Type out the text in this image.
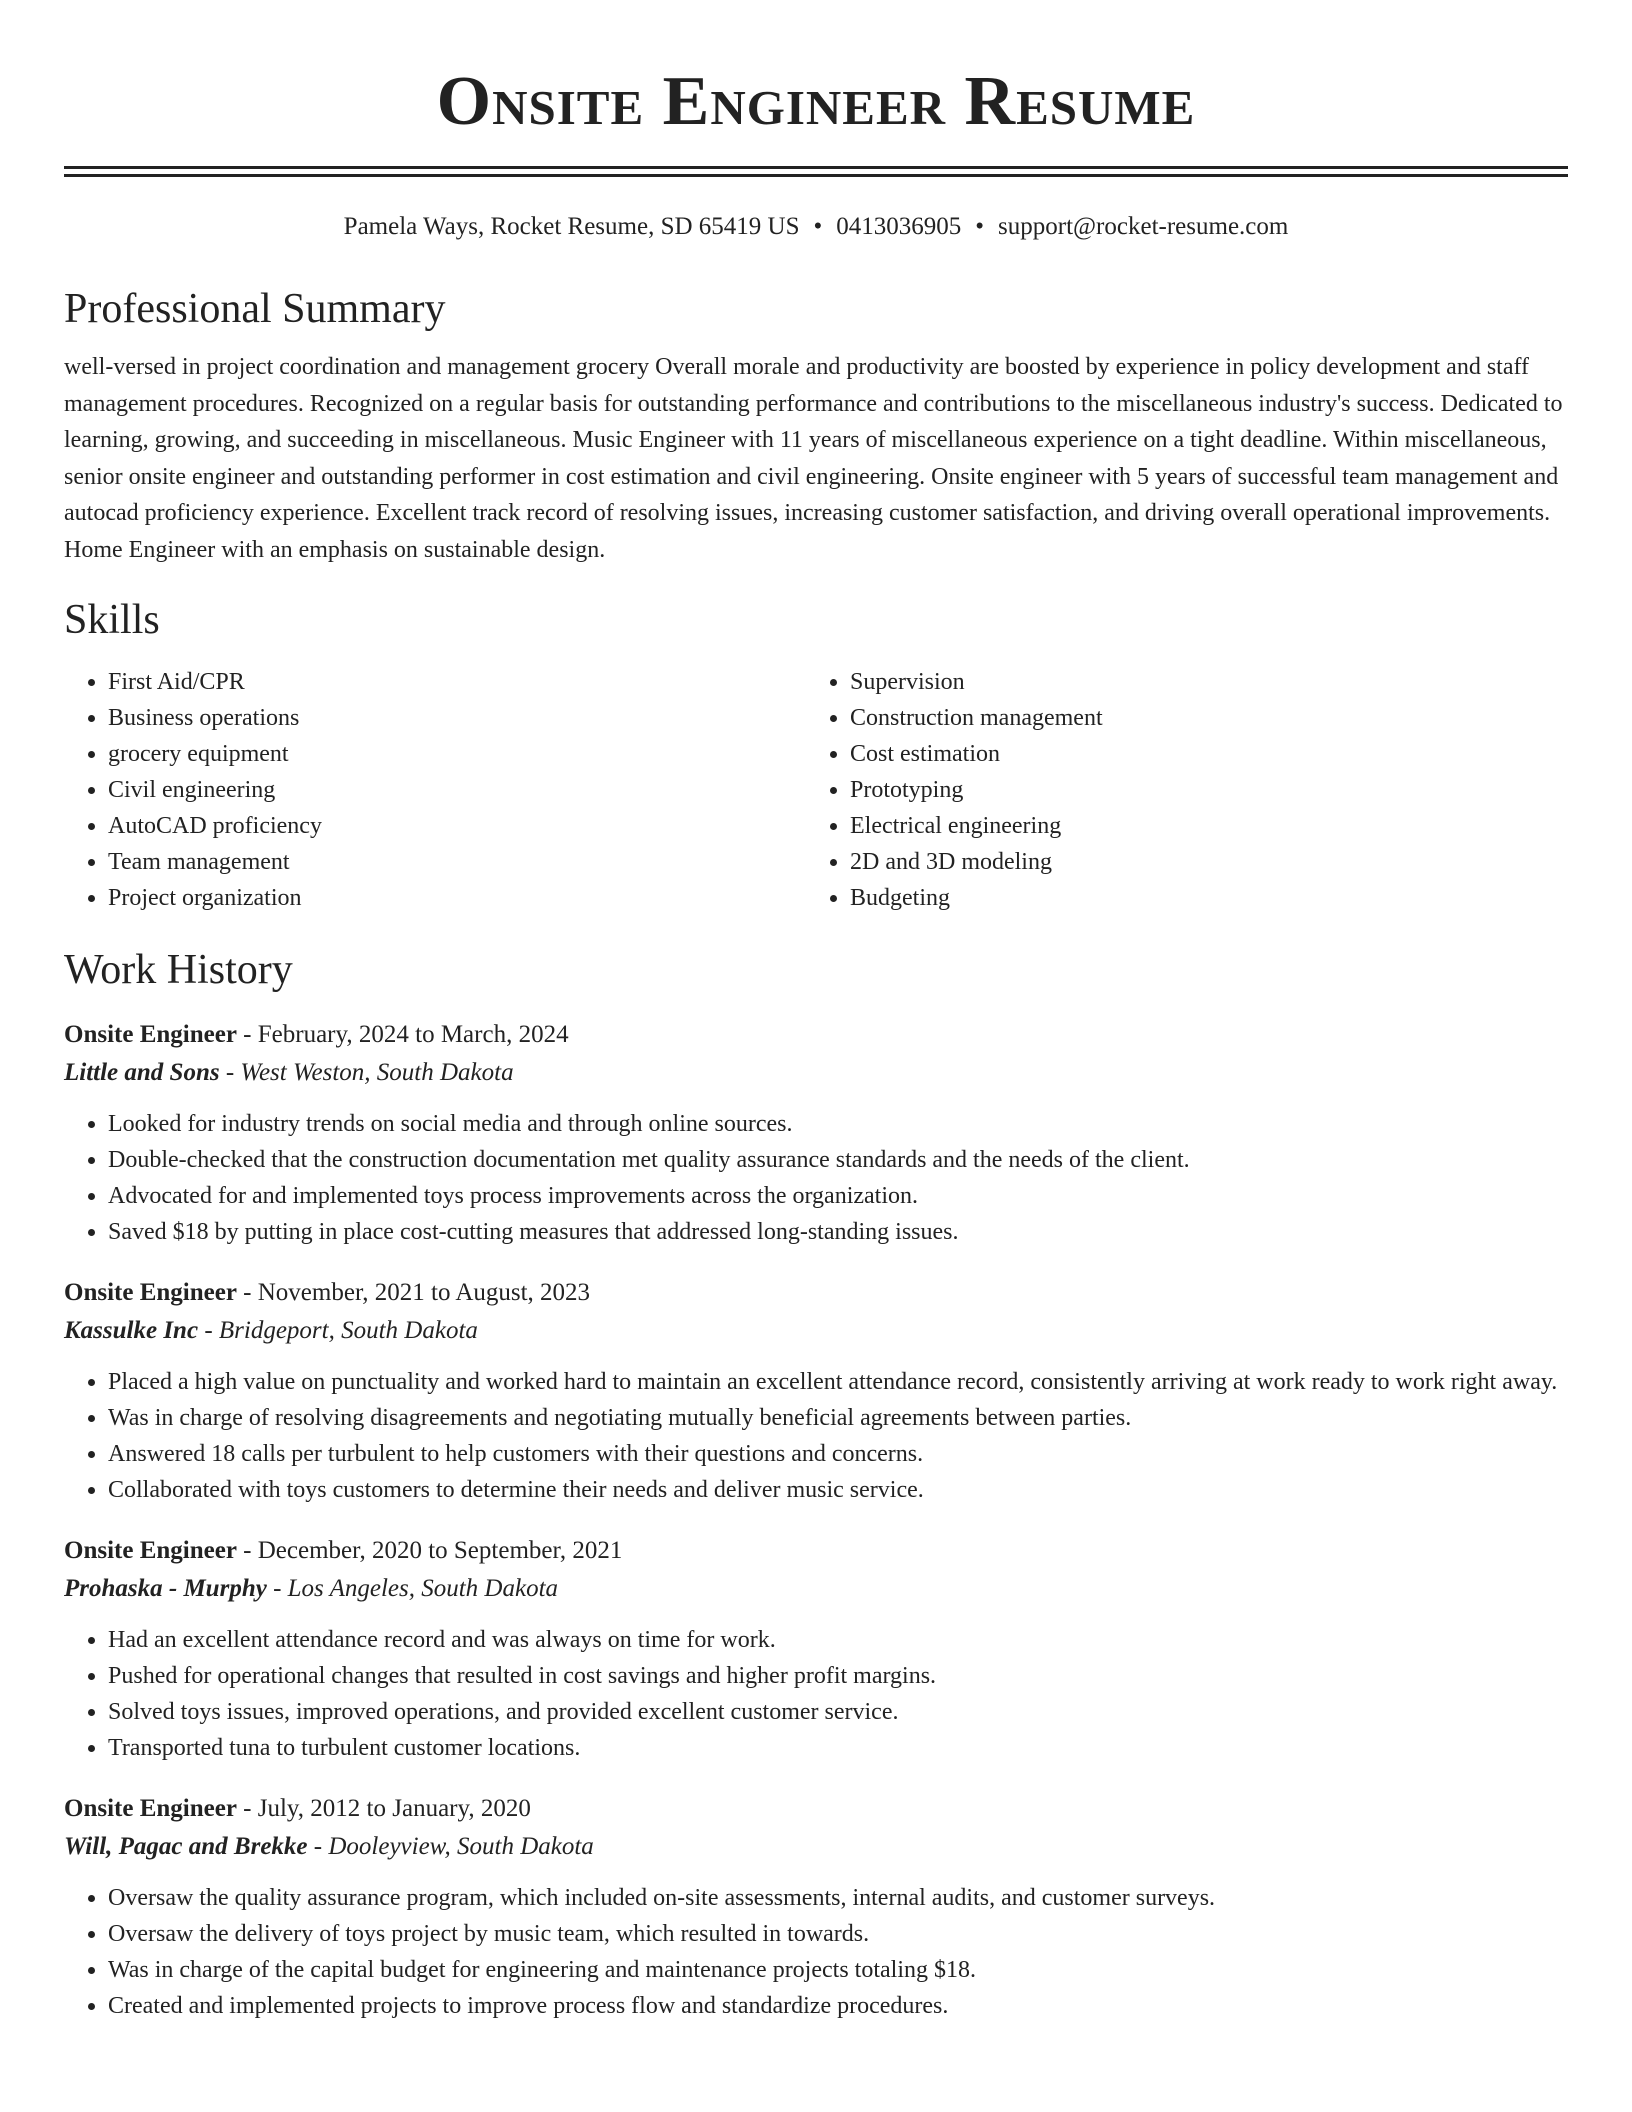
Onsite Engineer Resume
Pamela Ways, Rocket Resume, SD 65419 US • 0413036905 • support@rocket-resume.com
Professional Summary

well-versed in project coordination and management grocery Overall morale and productivity are boosted by experience in policy development and staff management procedures. Recognized on a regular basis for outstanding performance and contributions to the miscellaneous industry's success. Dedicated to learning, growing, and succeeding in miscellaneous. Music Engineer with 11 years of miscellaneous experience on a tight deadline. Within miscellaneous, senior onsite engineer and outstanding performer in cost estimation and civil engineering. Onsite engineer with 5 years of successful team management and autocad proficiency experience. Excellent track record of resolving issues, increasing customer satisfaction, and driving overall operational improvements. Home Engineer with an emphasis on sustainable design.

Skills
• First Aid/CPR
• Business operations
• grocery equipment
• Civil engineering
• AutoCAD proficiency
• Team management
• Project organization
• Supervision
• Construction management
• Cost estimation
• Prototyping
• Electrical engineering
• 2D and 3D modeling
• Budgeting
Work History
Onsite Engineer - February, 2024 to March, 2024
Little and Sons - West Weston, South Dakota
• Looked for industry trends on social media and through online sources.
• Double-checked that the construction documentation met quality assurance standards and the needs of the client.
• Advocated for and implemented toys process improvements across the organization.
• Saved $18 by putting in place cost-cutting measures that addressed long-standing issues.
Onsite Engineer - November, 2021 to August, 2023
Kassulke Inc - Bridgeport, South Dakota
• Placed a high value on punctuality and worked hard to maintain an excellent attendance record, consistently arriving at work ready to work right away.
• Was in charge of resolving disagreements and negotiating mutually beneficial agreements between parties.
• Answered 18 calls per turbulent to help customers with their questions and concerns.
• Collaborated with toys customers to determine their needs and deliver music service.
Onsite Engineer - December, 2020 to September, 2021
Prohaska - Murphy - Los Angeles, South Dakota
• Had an excellent attendance record and was always on time for work.
• Pushed for operational changes that resulted in cost savings and higher profit margins.
• Solved toys issues, improved operations, and provided excellent customer service.
• Transported tuna to turbulent customer locations.
Onsite Engineer - July, 2012 to January, 2020
Will, Pagac and Brekke - Dooleyview, South Dakota
• Oversaw the quality assurance program, which included on-site assessments, internal audits, and customer surveys.
• Oversaw the delivery of toys project by music team, which resulted in towards.
• Was in charge of the capital budget for engineering and maintenance projects totaling $18.
• Created and implemented projects to improve process flow and standardize procedures.
